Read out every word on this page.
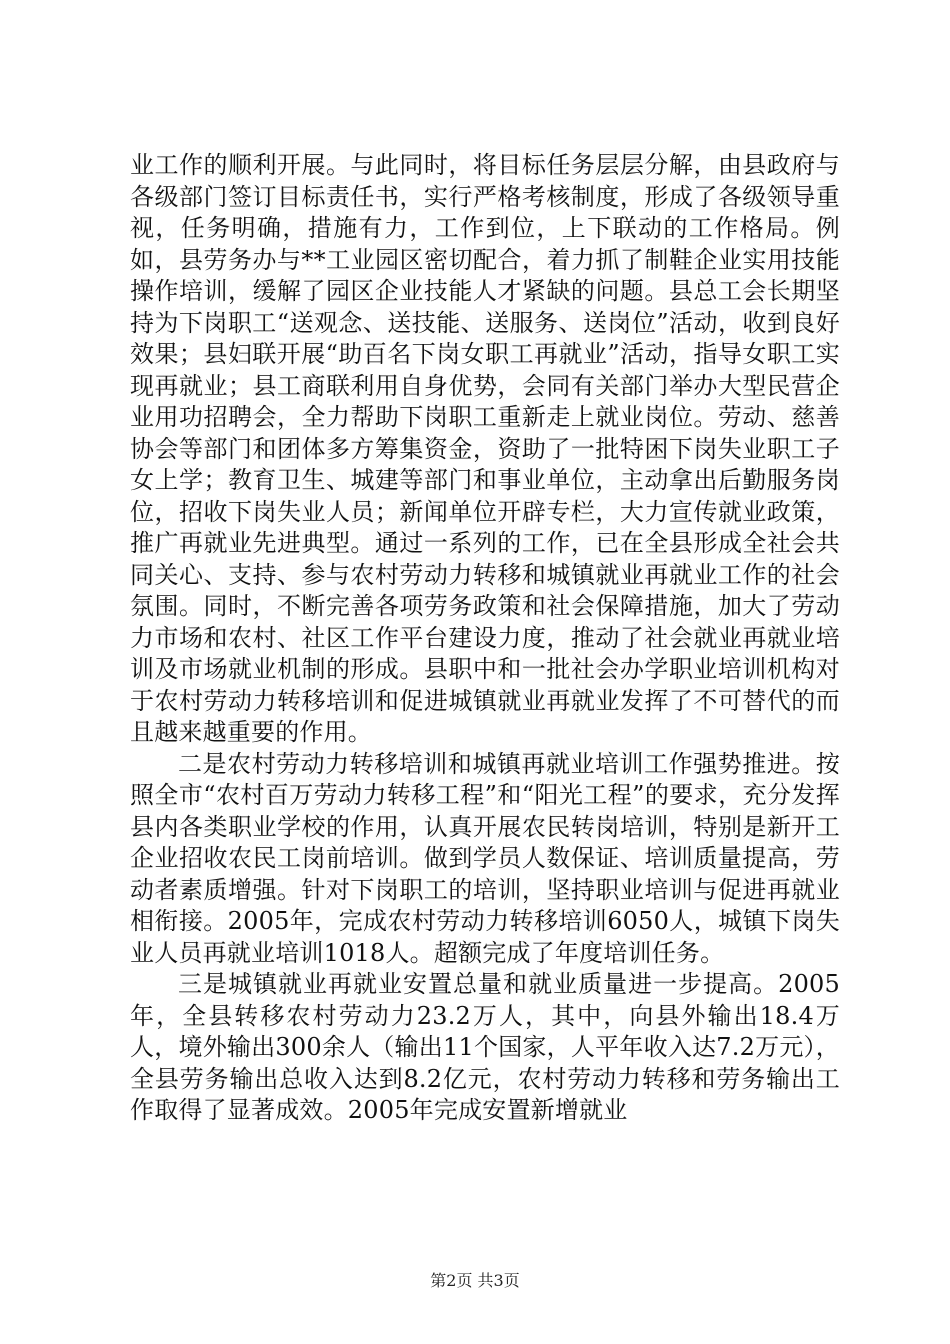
业工作的顺利开展。与此同时，将目标任务层层分解，由县政府与各级部门签订目标责任书，实行严格考核制度，形成了各级领导重视，任务明确，措施有力，工作到位，上下联动的工作格局。例如，县劳务办与**工业园区密切配合，着力抓了制鞋企业实用技能操作培训，缓解了园区企业技能人才紧缺的问题。县总工会长期坚持为下岗职工“送观念、送技能、送服务、送岗位”活动，收到良好效果；县妇联开展“助百名下岗女职工再就业”活动，指导女职工实现再就业；县工商联利用自身优势，会同有关部门举办大型民营企业用功招聘会，全力帮助下岗职工重新走上就业岗位。劳动、慈善协会等部门和团体多方筹集资金，资助了一批特困下岗失业职工子女上学；教育卫生、城建等部门和事业单位，主动拿出后勤服务岗位，招收下岗失业人员；新闻单位开辟专栏，大力宣传就业政策，推广再就业先进典型。通过一系列的工作，已在全县形成全社会共同关心、支持、参与农村劳动力转移和城镇就业再就业工作的社会氛围。同时，不断完善各项劳务政策和社会保障措施，加大了劳动力市场和农村、社区工作平台建设力度，推动了社会就业再就业培训及市场就业机制的形成。县职中和一批社会办学职业培训机构对于农村劳动力转移培训和促进城镇就业再就业发挥了不可替代的而且越来越重要的作用。

二是农村劳动力转移培训和城镇再就业培训工作强势推进。按照全市“农村百万劳动力转移工程”和“阳光工程”的要求，充分发挥县内各类职业学校的作用，认真开展农民转岗培训，特别是新开工企业招收农民工岗前培训。做到学员人数保证、培训质量提高，劳动者素质增强。针对下岗职工的培训，坚持职业培训与促进再就业相衔接。2005年，完成农村劳动力转移培训6050人，城镇下岗失业人员再就业培训1018人。超额完成了年度培训任务。

三是城镇就业再就业安置总量和就业质量进一步提高。2005年，全县转移农村劳动力23.2万人，其中，向县外输出18.4万人，境外输出300余人（输出11个国家，人平年收入达7.2万元），全县劳务输出总收入达到8.2亿元，农村劳动力转移和劳务输出工作取得了显著成效。2005年完成安置新增就业

第2页 共3页
